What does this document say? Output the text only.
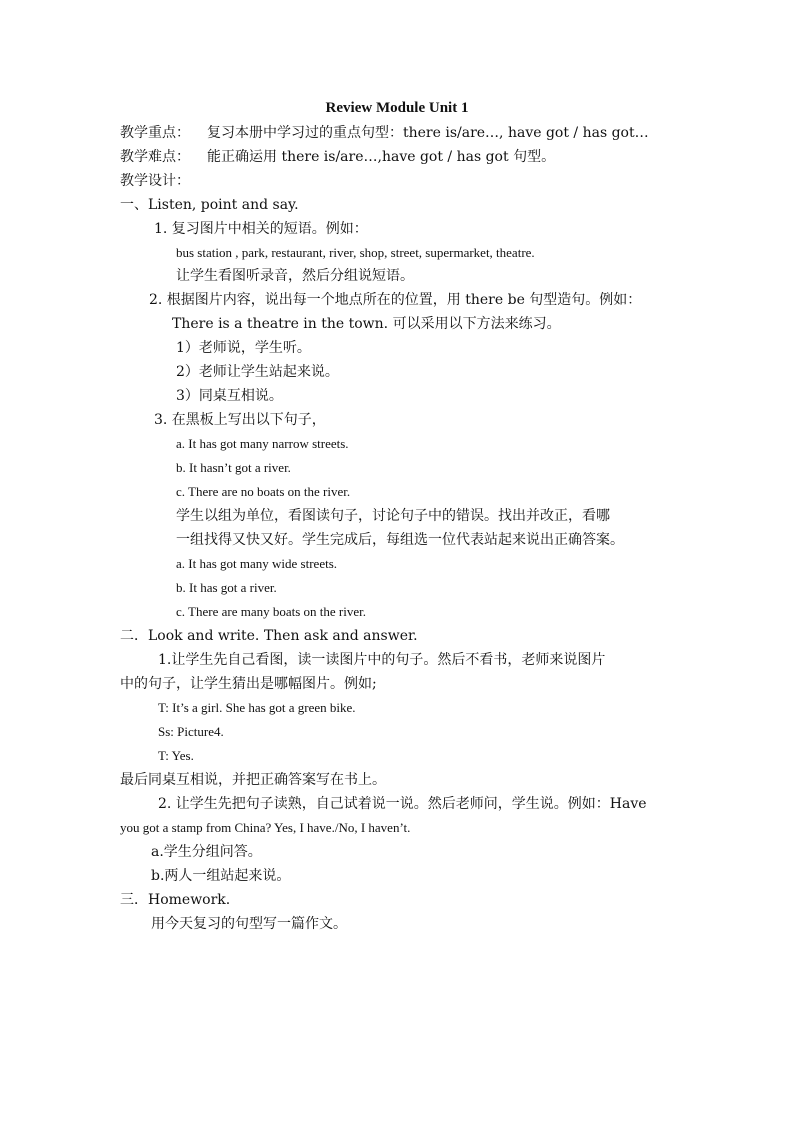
Review Module Unit 1
教学重点： 复习本册中学习过的重点句型：there is/are…, have got / has got…
教学难点： 能正确运用 there is/are…,have got / has got 句型。
教学设计：
一、Listen, point and say.
1. 复习图片中相关的短语。例如：
bus station , park, restaurant, river, shop, street, supermarket, theatre.
让学生看图听录音，然后分组说短语。
2. 根据图片内容，说出每一个地点所在的位置，用 there be 句型造句。例如：
There is a theatre in the town. 可以采用以下方法来练习。
1）老师说，学生听。
2）老师让学生站起来说。
3）同桌互相说。
3. 在黑板上写出以下句子，
a. It has got many narrow streets.
b. It hasn’t got a river.
c. There are no boats on the river.
学生以组为单位，看图读句子，讨论句子中的错误。找出并改正，看哪
一组找得又快又好。学生完成后，每组选一位代表站起来说出正确答案。
a. It has got many wide streets.
b. It has got a river.
c. There are many boats on the river.
二．Look and write. Then ask and answer.
1.让学生先自己看图，读一读图片中的句子。然后不看书，老师来说图片
中的句子，让学生猜出是哪幅图片。例如;
T: It’s a girl. She has got a green bike.
Ss: Picture4.
T: Yes.
最后同桌互相说，并把正确答案写在书上。
2. 让学生先把句子读熟，自己试着说一说。然后老师问，学生说。例如：Have
you got a stamp from China? Yes, I have./No, I haven’t.
a.学生分组问答。
b.两人一组站起来说。
三．Homework.
用今天复习的句型写一篇作文。
